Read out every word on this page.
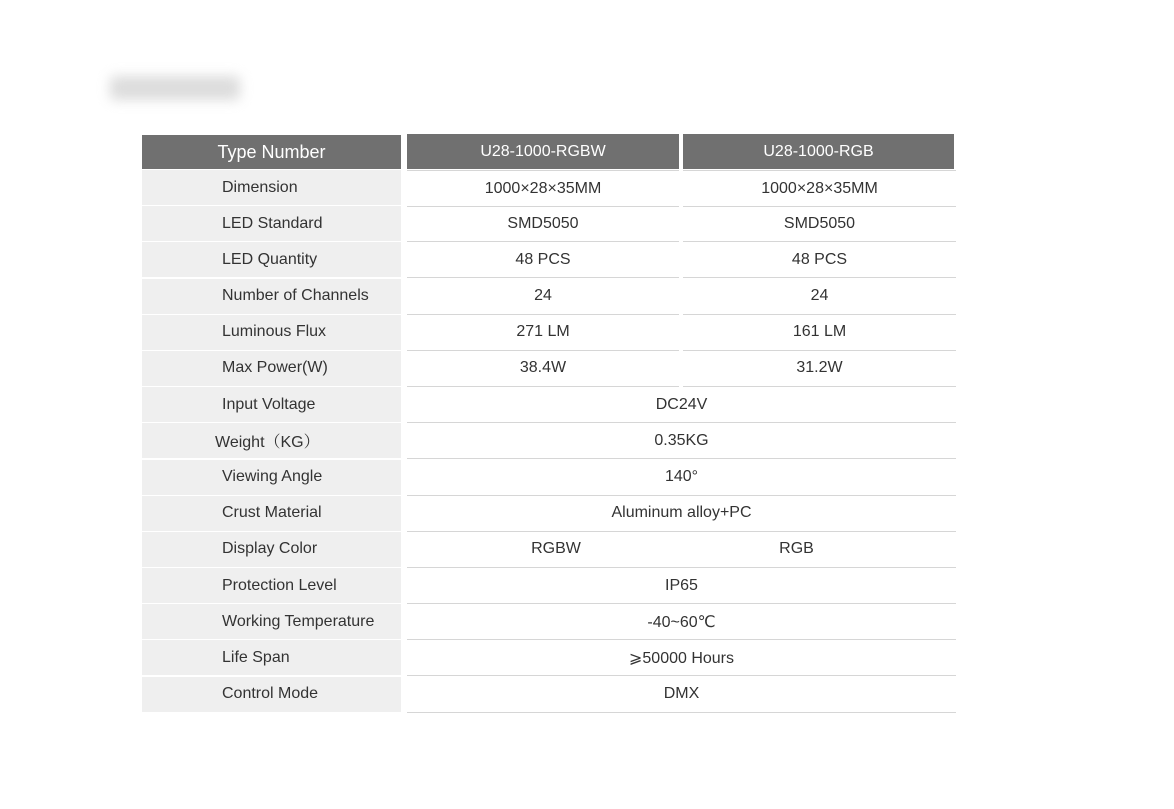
Type Number	U28-1000-RGBW	U28-1000-RGB
Dimension	1000×28×35MM	1000×28×35MM
LED Standard	SMD5050	SMD5050
LED Quantity	48 PCS	48 PCS
Number of Channels	24	24
Luminous Flux	271 LM	161 LM
Max Power(W)	38.4W	31.2W
Input Voltage	DC24V
Weight（KG）	0.35KG
Viewing Angle	140°
Crust Material	Aluminum alloy+PC
Display Color	RGBW	RGB
Protection Level	IP65
Working Temperature	-40~60℃
Life Span	⩾50000 Hours
Control Mode	DMX
